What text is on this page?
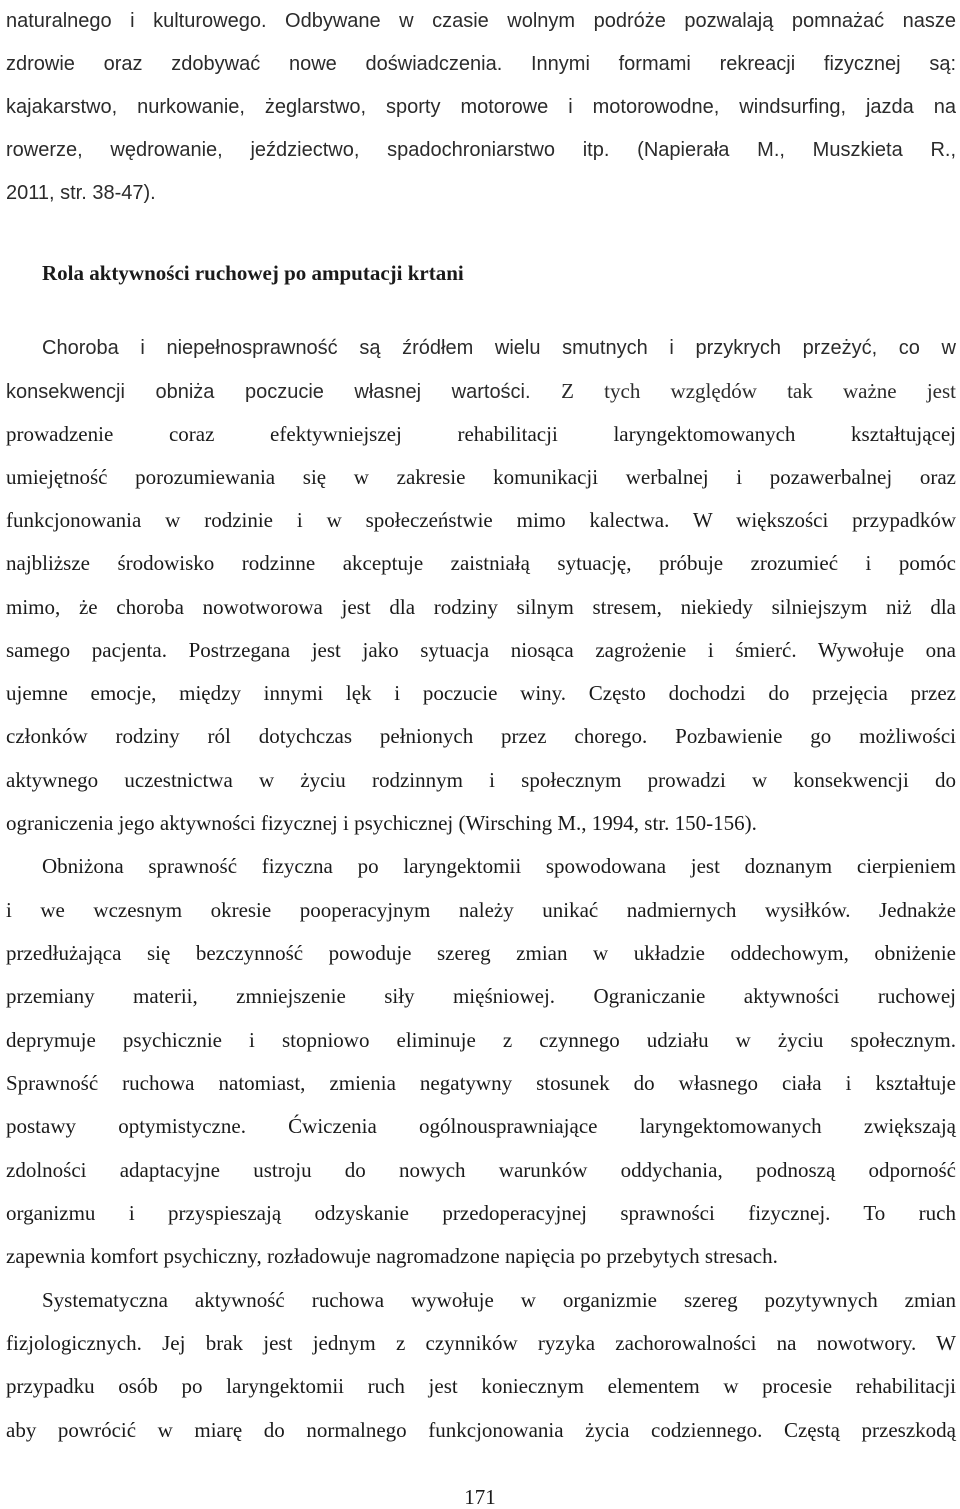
naturalnego i kulturowego. Odbywane w czasie wolnym podróże pozwalają pomnażać nasze
zdrowie oraz zdobywać nowe doświadczenia. Innymi formami rekreacji fizycznej są:
kajakarstwo, nurkowanie, żeglarstwo, sporty motorowe i motorowodne, windsurfing, jazda na
rowerze, wędrowanie, jeździectwo, spadochroniarstwo itp. (Napierała M., Muszkieta R.,
2011, str. 38-47).
Rola aktywności ruchowej po amputacji krtani
Choroba i niepełnosprawność są źródłem wielu smutnych i przykrych przeżyć, co w
konsekwencji obniża poczucie własnej wartości. Z tych względów tak ważne jest
prowadzenie coraz efektywniejszej rehabilitacji laryngektomowanych kształtującej
umiejętność porozumiewania się w zakresie komunikacji werbalnej i pozawerbalnej oraz
funkcjonowania w rodzinie i w społeczeństwie mimo kalectwa. W większości przypadków
najbliższe środowisko rodzinne akceptuje zaistniałą sytuację, próbuje zrozumieć i pomóc
mimo, że choroba nowotworowa jest dla rodziny silnym stresem, niekiedy silniejszym niż dla
samego pacjenta. Postrzegana jest jako sytuacja niosąca zagrożenie i śmierć. Wywołuje ona
ujemne emocje, między innymi lęk i poczucie winy. Często dochodzi do przejęcia przez
członków rodziny ról dotychczas pełnionych przez chorego. Pozbawienie go możliwości
aktywnego uczestnictwa w życiu rodzinnym i społecznym prowadzi w konsekwencji do
ograniczenia jego aktywności fizycznej i psychicznej (Wirsching M., 1994, str. 150-156).
Obniżona sprawność fizyczna po laryngektomii spowodowana jest doznanym cierpieniem
i we wczesnym okresie pooperacyjnym należy unikać nadmiernych wysiłków. Jednakże
przedłużająca się bezczynność powoduje szereg zmian w układzie oddechowym, obniżenie
przemiany materii, zmniejszenie siły mięśniowej. Ograniczanie aktywności ruchowej
deprymuje psychicznie i stopniowo eliminuje z czynnego udziału w życiu społecznym.
Sprawność ruchowa natomiast, zmienia negatywny stosunek do własnego ciała i kształtuje
postawy optymistyczne. Ćwiczenia ogólnousprawniające laryngektomowanych zwiększają
zdolności adaptacyjne ustroju do nowych warunków oddychania, podnoszą odporność
organizmu i przyspieszają odzyskanie przedoperacyjnej sprawności fizycznej. To ruch
zapewnia komfort psychiczny, rozładowuje nagromadzone napięcia po przebytych stresach.
Systematyczna aktywność ruchowa wywołuje w organizmie szereg pozytywnych zmian
fizjologicznych. Jej brak jest jednym z czynników ryzyka zachorowalności na nowotwory. W
przypadku osób po laryngektomii ruch jest koniecznym elementem w procesie rehabilitacji
aby powrócić w miarę do normalnego funkcjonowania życia codziennego. Częstą przeszkodą
171
